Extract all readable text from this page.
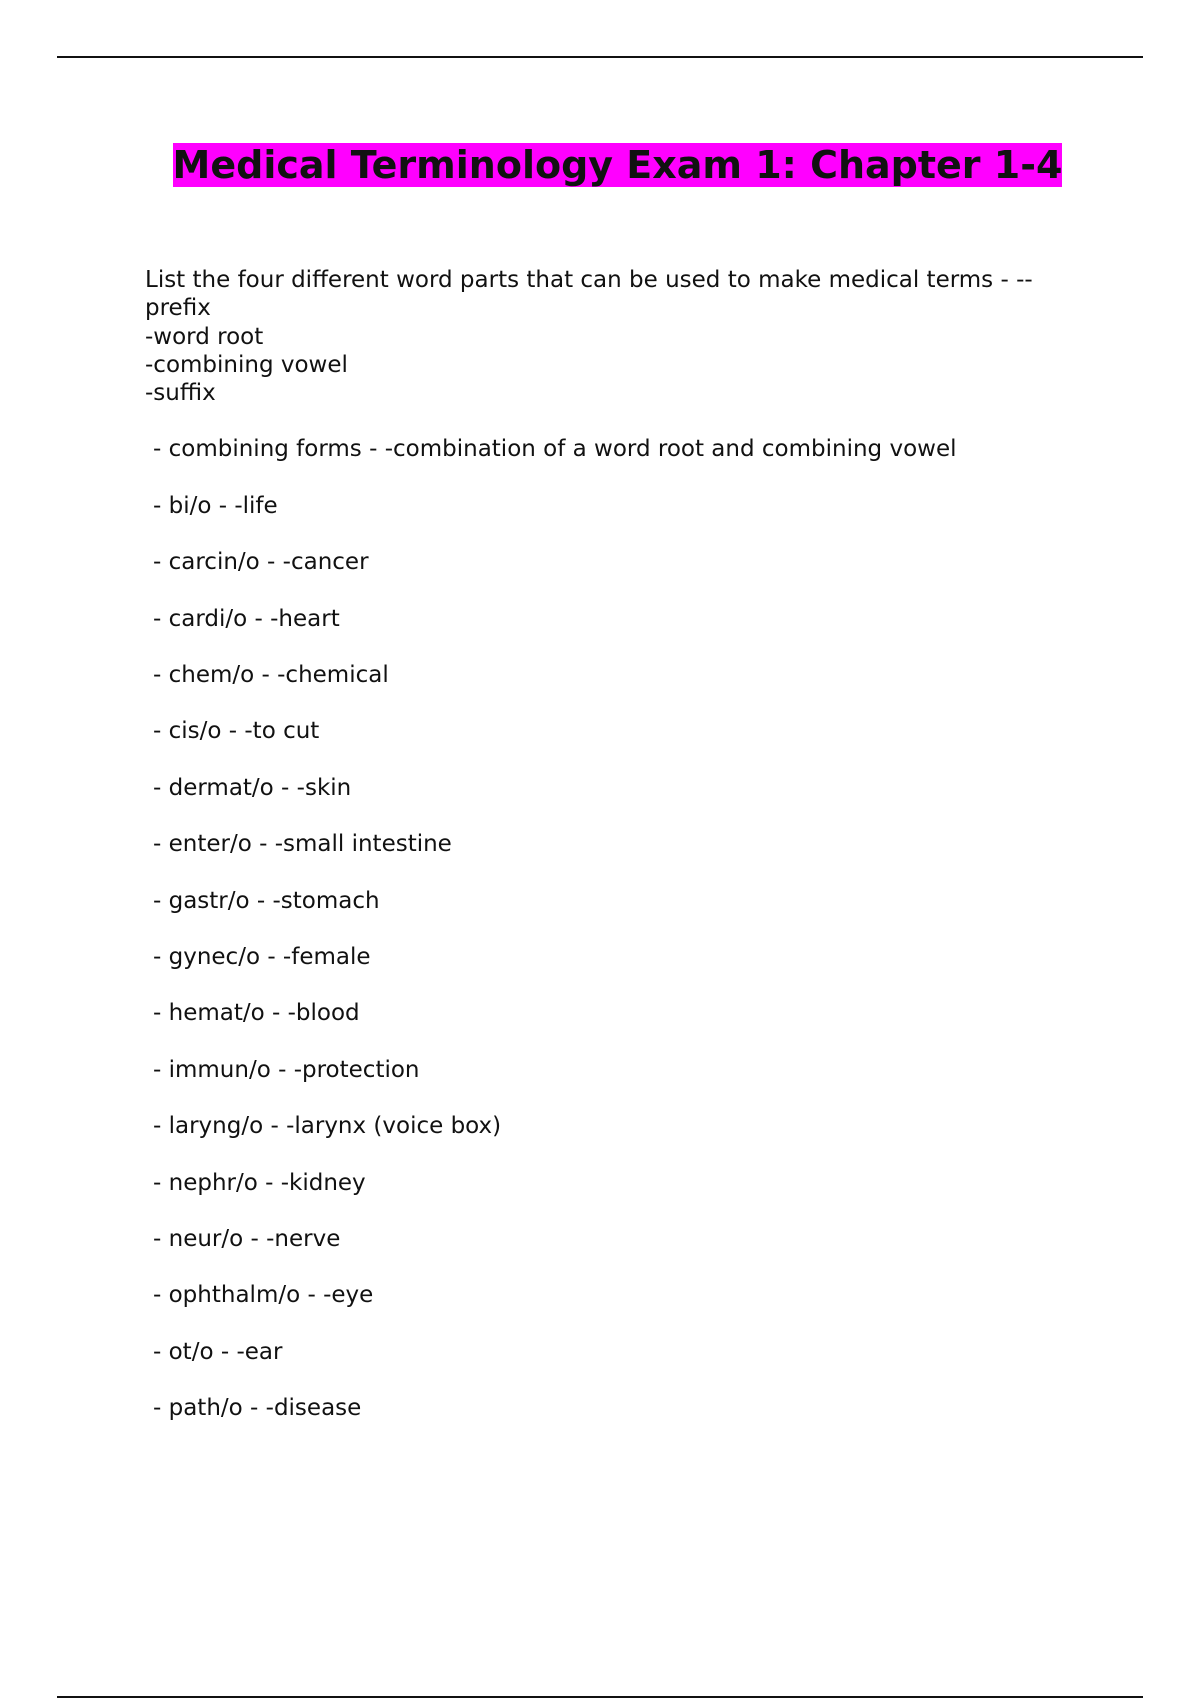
Medical Terminology Exam 1: Chapter 1-4

List the four different word parts that can be used to make medical terms - --
prefix
-word root
-combining vowel
-suffix

- combining forms - -combination of a word root and combining vowel
- bi/o - -life
- carcin/o - -cancer
- cardi/o - -heart
- chem/o - -chemical
- cis/o - -to cut
- dermat/o - -skin
- enter/o - -small intestine
- gastr/o - -stomach
- gynec/o - -female
- hemat/o - -blood
- immun/o - -protection
- laryng/o - -larynx (voice box)
- nephr/o - -kidney
- neur/o - -nerve
- ophthalm/o - -eye
- ot/o - -ear
- path/o - -disease
